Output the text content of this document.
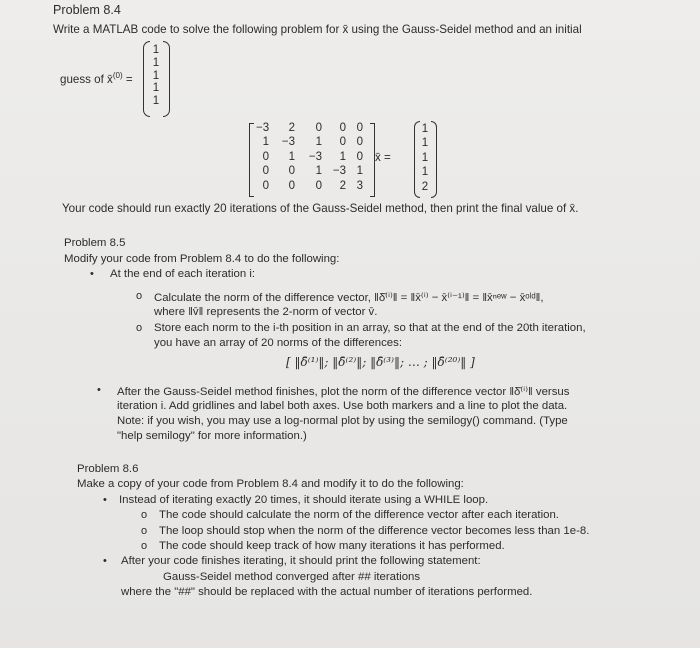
Problem 8.4
Write a MATLAB code to solve the following problem for x̄ using the Gauss-Seidel method and an initial
guess of x̄$^{(0)}$ =
1
1
1
1
1
−3	2	0	0 0
1	−3	1	0 0
0	1	−3	1 0
0	0	1 −3 1
0	0	0	2 3
x̄ =
1
1
1
1
2
Your code should run exactly 20 iterations of the Gauss-Seidel method, then print the final value of x̄.
Problem 8.5
Modify your code from Problem 8.4 to do the following:
• At the end of each iteration i:
o Calculate the norm of the difference vector, ‖δ̄⁽ⁱ⁾‖ = ‖x̄⁽ⁱ⁾ − x̄⁽ⁱ⁻¹⁾‖ = ‖x̄ⁿᵉʷ − x̄ᵒˡᵈ‖,
where ‖v̄‖ represents the 2-norm of vector v̄.
o Store each norm to the i-th position in an array, so that at the end of the 20th iteration,
you have an array of 20 norms of the differences:
[ ‖δ̄⁽¹⁾‖; ‖δ̄⁽²⁾‖; ‖δ̄⁽³⁾‖; … ; ‖δ̄⁽²⁰⁾‖ ]
• After the Gauss-Seidel method finishes, plot the norm of the difference vector ‖δ̄⁽ⁱ⁾‖ versus
iteration i. Add gridlines and label both axes. Use both markers and a line to plot the data.
Note: if you wish, you may use a log-normal plot by using the semilogy() command. (Type
"help semilogy" for more information.)
Problem 8.6
Make a copy of your code from Problem 8.4 and modify it to do the following:
• Instead of iterating exactly 20 times, it should iterate using a WHILE loop.
o The code should calculate the norm of the difference vector after each iteration.
o The loop should stop when the norm of the difference vector becomes less than 1e-8.
o The code should keep track of how many iterations it has performed.
• After your code finishes iterating, it should print the following statement:
Gauss-Seidel method converged after ## iterations
where the "##" should be replaced with the actual number of iterations performed.
